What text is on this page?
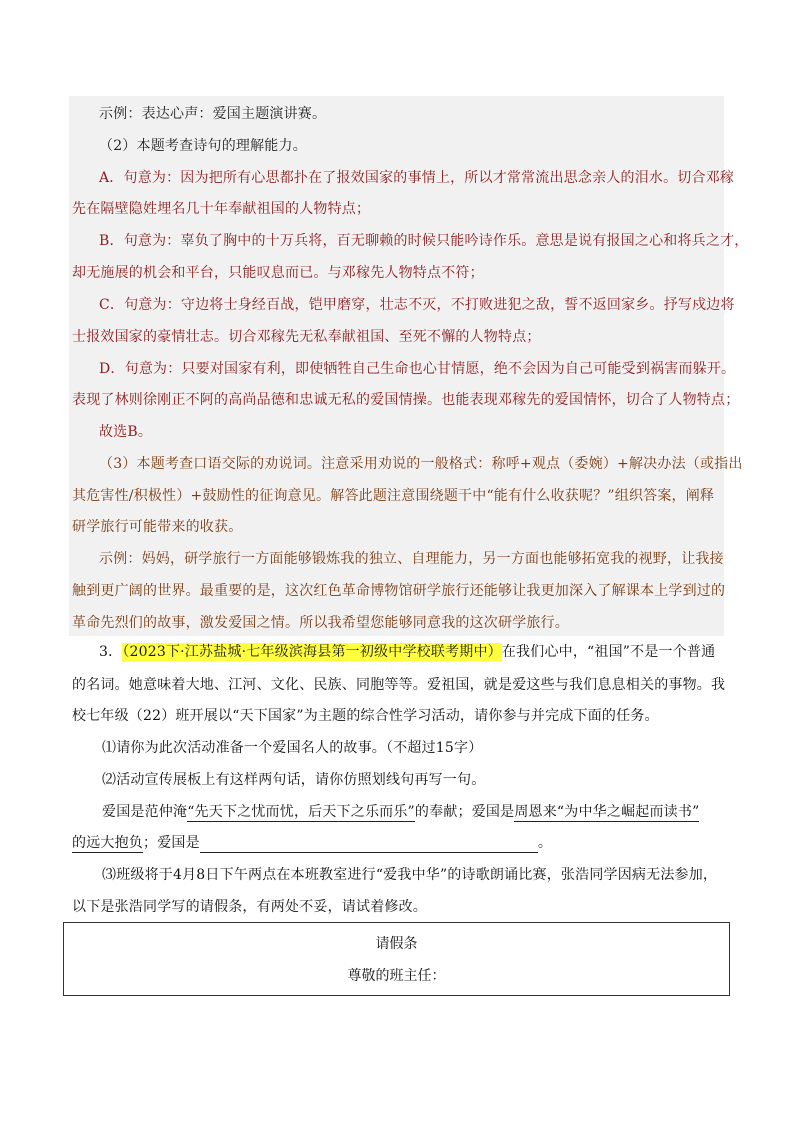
示例：表达心声：爱国主题演讲赛。
（2）本题考查诗句的理解能力。
A．句意为：因为把所有心思都扑在了报效国家的事情上，所以才常常流出思念亲人的泪水。切合邓稼
先在隔壁隐姓埋名几十年奉献祖国的人物特点；
B．句意为：辜负了胸中的十万兵将，百无聊赖的时候只能吟诗作乐。意思是说有报国之心和将兵之才，
却无施展的机会和平台，只能叹息而已。与邓稼先人物特点不符；
C．句意为：守边将士身经百战，铠甲磨穿，壮志不灭，不打败进犯之敌，誓不返回家乡。抒写戍边将
士报效国家的豪情壮志。切合邓稼先无私奉献祖国、至死不懈的人物特点；
D．句意为：只要对国家有利，即使牺牲自己生命也心甘情愿，绝不会因为自己可能受到祸害而躲开。
表现了林则徐刚正不阿的高尚品德和忠诚无私的爱国情操。也能表现邓稼先的爱国情怀，切合了人物特点；
故选B。
（3）本题考查口语交际的劝说词。注意采用劝说的一般格式：称呼+观点（委婉）+解决办法（或指出
其危害性/积极性）+鼓励性的征询意见。解答此题注意围绕题干中“能有什么收获呢？”组织答案，阐释
研学旅行可能带来的收获。
示例：妈妈，研学旅行一方面能够锻炼我的独立、自理能力，另一方面也能够拓宽我的视野，让我接
触到更广阔的世界。最重要的是，这次红色革命博物馆研学旅行还能够让我更加深入了解课本上学到过的
革命先烈们的故事，激发爱国之情。所以我希望您能够同意我的这次研学旅行。
3．（2023下·江苏盐城·七年级滨海县第一初级中学校联考期中）在我们心中，“祖国”不是一个普通
的名词。她意味着大地、江河、文化、民族、同胞等等。爱祖国，就是爱这些与我们息息相关的事物。我
校七年级（22）班开展以“天下国家”为主题的综合性学习活动，请你参与并完成下面的任务。
⑴请你为此次活动准备一个爱国名人的故事。（不超过15字）
⑵活动宣传展板上有这样两句话，请你仿照划线句再写一句。
爱国是范仲淹“先天下之忧而忧，后天下之乐而乐”的奉献；爱国是周恩来“为中华之崛起而读书”
的远大抱负；爱国是	。
⑶班级将于4月8日下午两点在本班教室进行“爱我中华”的诗歌朗诵比赛，张浩同学因病无法参加，
以下是张浩同学写的请假条，有两处不妥，请试着修改。
请假条
尊敬的班主任：
